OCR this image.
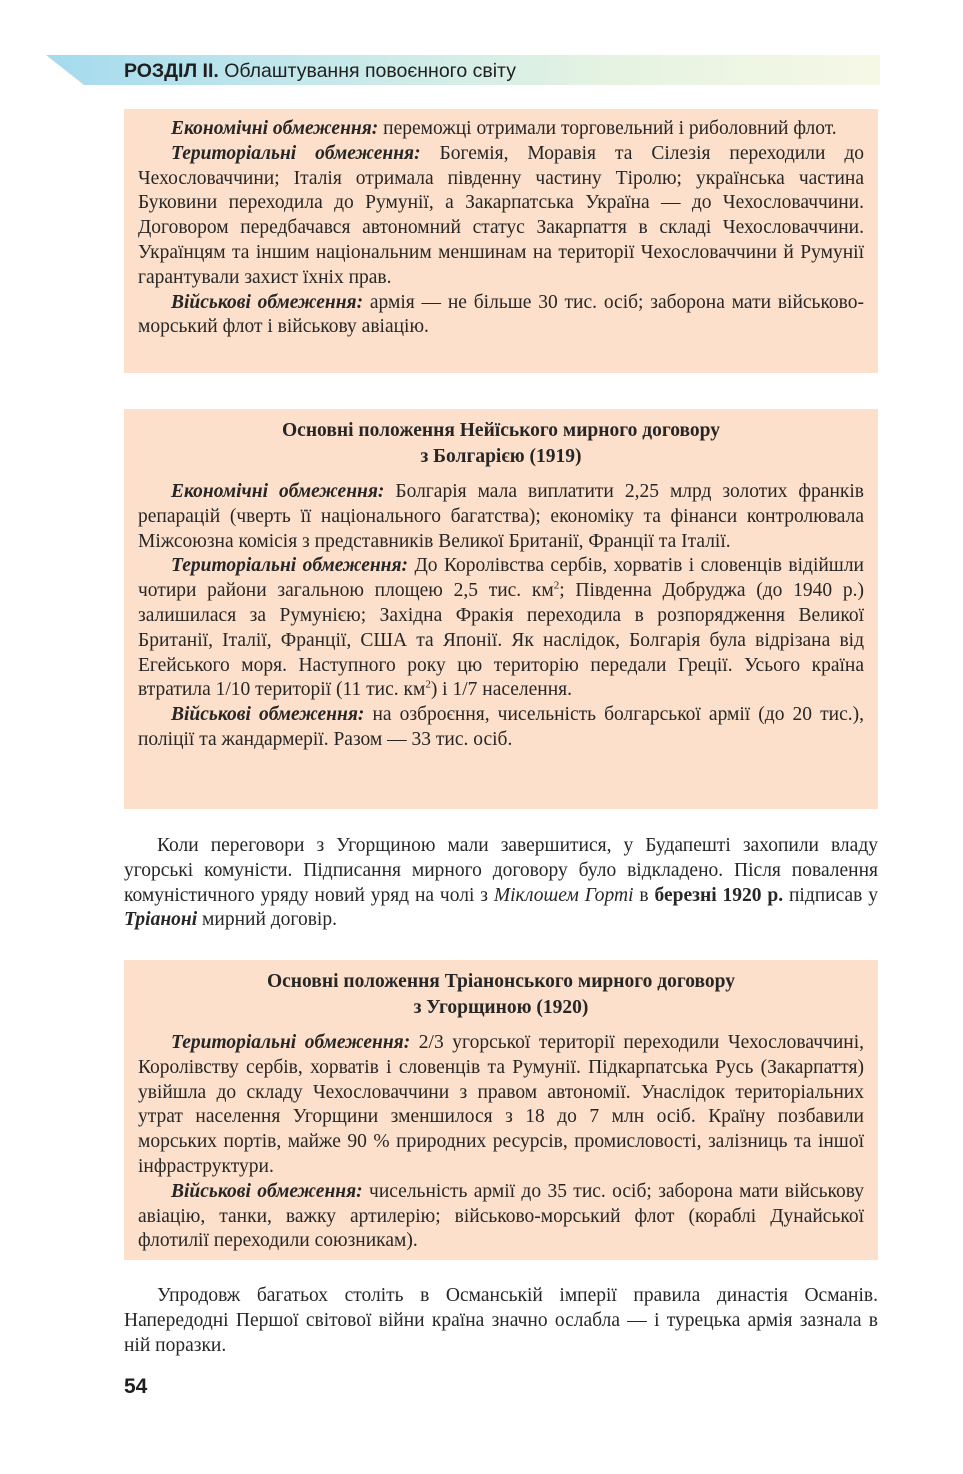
РОЗДІЛ ІІ. Облаштування повоєнного світу

Економічні обмеження: переможці отримали торговельний і риболовний флот.

Територіальні обмеження: Богемія, Моравія та Сілезія переходили до Чехословаччини; Італія отримала південну частину Тіролю; українська частина Буковини переходила до Румунії, а Закарпатська Україна — до Чехословаччини. Договором передбачався автономний статус Закарпаття в складі Чехословаччини. Українцям та іншим національним меншинам на території Чехословаччини й Румунії гарантували захист їхніх прав.

Військові обмеження: армія — не більше 30 тис. осіб; заборона мати військово-морський флот і військову авіацію.

Основні положення Нейїського мирного договору
з Болгарією (1919)

Економічні обмеження: Болгарія мала виплатити 2,25 млрд золотих франків репарацій (чверть її національного багатства); економіку та фінанси контролювала Міжсоюзна комісія з представників Великої Британії, Франції та Італії.

Територіальні обмеження: До Королівства сербів, хорватів і словенців відійшли чотири райони загальною площею 2,5 тис. $км^2$; Південна Добруджа (до 1940 р.) залишилася за Румунією; Західна Фракія переходила в розпорядження Великої Британії, Італії, Франції, США та Японії. Як наслідок, Болгарія була відрізана від Егейського моря. Наступного року цю територію передали Греції. Усього країна втратила 1/10 території (11 тис. $км^2$) і 1/7 населення.

Військові обмеження: на озброєння, чисельність болгарської армії (до 20 тис.), поліції та жандармерії. Разом — 33 тис. осіб.

Коли переговори з Угорщиною мали завершитися, у Будапешті захопили владу угорські комуністи. Підписання мирного договору було відкладено. Після повалення комуністичного уряду новий уряд на чолі з Міклошем Горті в березні 1920 р. підписав у Тріаноні мирний договір.

Основні положення Тріанонського мирного договору
з Угорщиною (1920)

Територіальні обмеження: 2/3 угорської території переходили Чехословаччині, Королівству сербів, хорватів і словенців та Румунії. Підкарпатська Русь (Закарпаття) увійшла до складу Чехословаччини з правом автономії. Унаслідок територіальних утрат населення Угорщини зменшилося з 18 до 7 млн осіб. Країну позбавили морських портів, майже 90 % природних ресурсів, промисловості, залізниць та іншої інфраструктури.

Військові обмеження: чисельність армії до 35 тис. осіб; заборона мати військову авіацію, танки, важку артилерію; військово-морський флот (кораблі Дунайської флотилії переходили союзникам).

Упродовж багатьох століть в Османській імперії правила династія Османів. Напередодні Першої світової війни країна значно ослабла — і турецька армія зазнала в ній поразки.

54
